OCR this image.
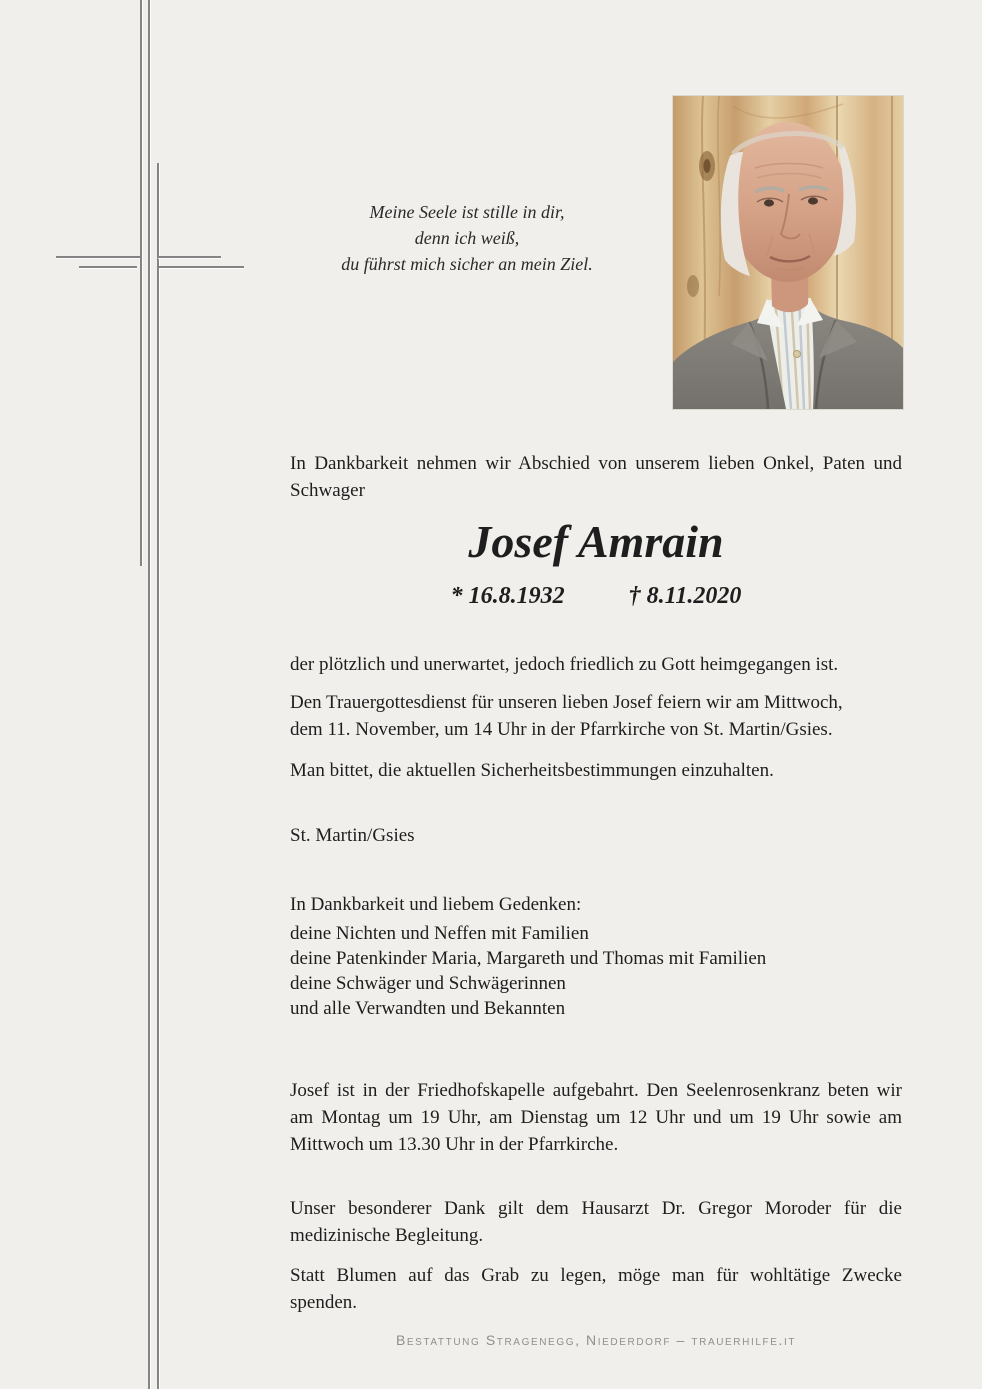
Meine Seele ist stille in dir,
denn ich weiß,
du führst mich sicher an mein Ziel.
In Dankbarkeit nehmen wir Abschied von unserem lieben Onkel, Paten und
Schwager
Josef Amrain
* 16.8.1932	† 8.11.2020
der plötzlich und unerwartet, jedoch friedlich zu Gott heimgegangen ist.
Den Trauergottesdienst für unseren lieben Josef feiern wir am Mittwoch,
dem 11. November, um 14 Uhr in der Pfarrkirche von St. Martin/Gsies.
Man bittet, die aktuellen Sicherheitsbestimmungen einzuhalten.
St. Martin/Gsies
In Dankbarkeit und liebem Gedenken:
deine Nichten und Neffen mit Familien
deine Patenkinder Maria, Margareth und Thomas mit Familien
deine Schwäger und Schwägerinnen
und alle Verwandten und Bekannten
Josef ist in der Friedhofskapelle aufgebahrt. Den Seelenrosenkranz beten wir
am Montag um 19 Uhr, am Dienstag um 12 Uhr und um 19 Uhr sowie am
Mittwoch um 13.30 Uhr in der Pfarrkirche.
Unser besonderer Dank gilt dem Hausarzt Dr. Gregor Moroder für die
medizinische Begleitung.
Statt Blumen auf das Grab zu legen, möge man für wohltätige Zwecke
spenden.
Bestattung Stragenegg, Niederdorf – trauerhilfe.it
